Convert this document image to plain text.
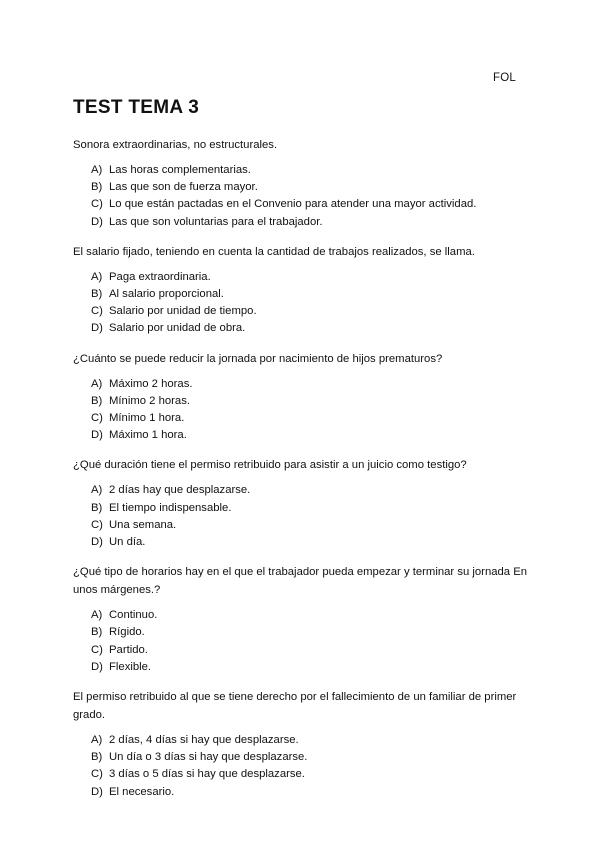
FOL
TEST TEMA 3

Sonora extraordinarias, no estructurales.

A) Las horas complementarias.
B) Las que son de fuerza mayor.
C) Lo que están pactadas en el Convenio para atender una mayor actividad.
D) Las que son voluntarias para el trabajador.

El salario fijado, teniendo en cuenta la cantidad de trabajos realizados, se llama.

A) Paga extraordinaria.
B) Al salario proporcional.
C) Salario por unidad de tiempo.
D) Salario por unidad de obra.

¿Cuánto se puede reducir la jornada por nacimiento de hijos prematuros?

A) Máximo 2 horas.
B) Mínimo 2 horas.
C) Mínimo 1 hora.
D) Máximo 1 hora.

¿Qué duración tiene el permiso retribuido para asistir a un juicio como testigo?

A) 2 días hay que desplazarse.
B) El tiempo indispensable.
C) Una semana.
D) Un día.

¿Qué tipo de horarios hay en el que el trabajador pueda empezar y terminar su jornada En unos márgenes.?

A) Continuo.
B) Rígido.
C) Partido.
D) Flexible.

El permiso retribuido al que se tiene derecho por el fallecimiento de un familiar de primer grado.

A) 2 días, 4 días si hay que desplazarse.
B) Un día o 3 días si hay que desplazarse.
C) 3 días o 5 días si hay que desplazarse.
D) El necesario.
